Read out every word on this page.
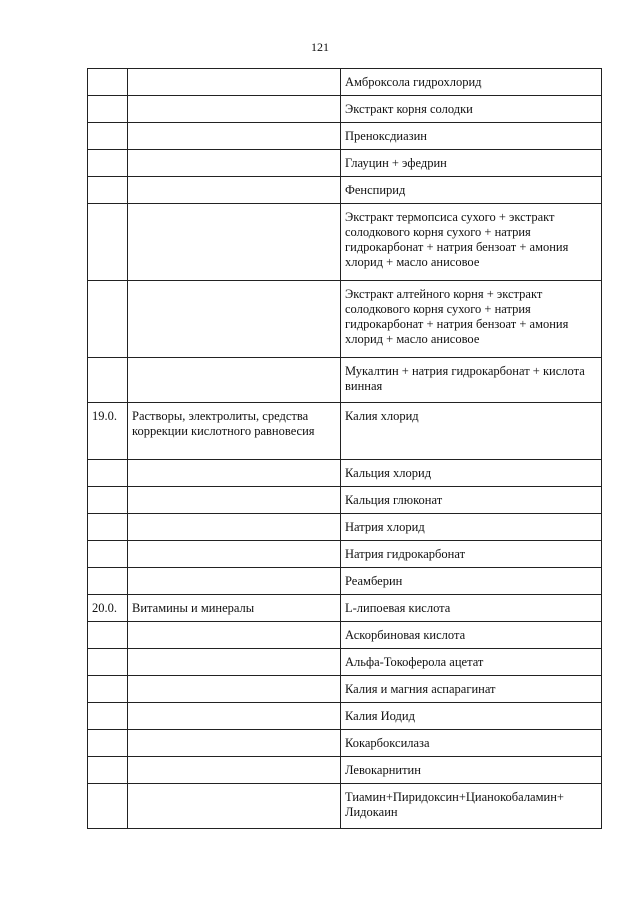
121
		Амброксола гидрохлорид
		Экстракт корня солодки
		Преноксдиазин
		Глауцин + эфедрин
		Фенспирид
		Экстракт термопсиса сухого + экстракт солодкового корня сухого + натрия гидрокарбонат + натрия бензоат + амония хлорид + масло анисовое
		Экстракт алтейного корня + экстракт солодкового корня сухого + натрия гидрокарбонат + натрия бензоат + амония хлорид + масло анисовое
		Мукалтин + натрия гидрокарбонат + кислота винная
19.0.	Растворы, электролиты, средства коррекции кислотного равновесия	Калия хлорид
		Кальция хлорид
		Кальция глюконат
		Натрия хлорид
		Натрия гидрокарбонат
		Реамберин
20.0.	Витамины и минералы	L-липоевая кислота
		Аскорбиновая кислота
		Альфа-Токоферола ацетат
		Калия и магния аспарагинат
		Калия Иодид
		Кокарбоксилаза
		Левокарнитин
		Тиамин+Пиридоксин+Цианокобаламин+ Лидокаин
